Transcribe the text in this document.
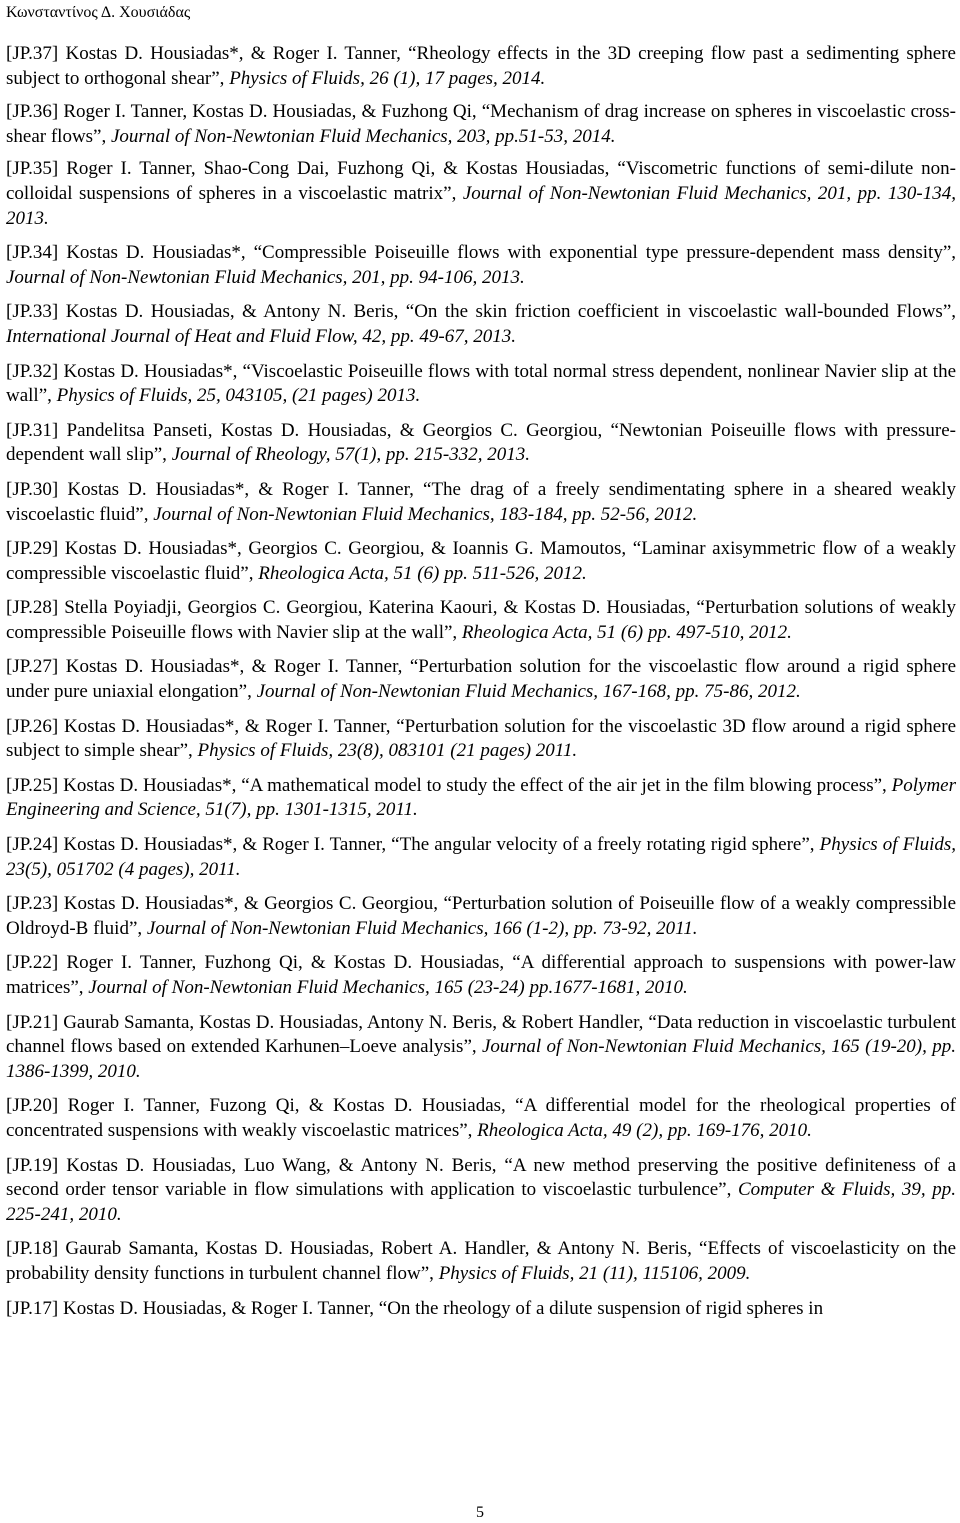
Κωνσταντίνος Δ. Χουσιάδας

[JP.37] Kostas D. Housiadas*, & Roger I. Tanner, “Rheology effects in the 3D creeping flow past a sedimenting sphere subject to orthogonal shear”, Physics of Fluids, 26 (1), 17 pages, 2014.

[JP.36] Roger I. Tanner, Kostas D. Housiadas, & Fuzhong Qi, “Mechanism of drag increase on spheres in viscoelastic cross-shear flows”, Journal of Non-Newtonian Fluid Mechanics, 203, pp.51-53, 2014.

[JP.35] Roger I. Tanner, Shao-Cong Dai, Fuzhong Qi, & Kostas Housiadas, “Viscometric functions of semi-dilute non-colloidal suspensions of spheres in a viscoelastic matrix”, Journal of Non-Newtonian Fluid Mechanics, 201, pp. 130-134, 2013.

[JP.34] Kostas D. Housiadas*, “Compressible Poiseuille flows with exponential type pressure-dependent mass density”, Journal of Non-Newtonian Fluid Mechanics, 201, pp. 94-106, 2013.

[JP.33] Kostas D. Housiadas, & Antony N. Beris, “On the skin friction coefficient in viscoelastic wall-bounded Flows”, International Journal of Heat and Fluid Flow, 42, pp. 49-67, 2013.

[JP.32] Kostas D. Housiadas*, “Viscoelastic Poiseuille flows with total normal stress dependent, nonlinear Navier slip at the wall”, Physics of Fluids, 25, 043105, (21 pages) 2013.

[JP.31] Pandelitsa Panseti, Kostas D. Housiadas, & Georgios C. Georgiou, “Newtonian Poiseuille flows with pressure-dependent wall slip”, Journal of Rheology, 57(1), pp. 215-332, 2013.

[JP.30] Kostas D. Housiadas*, & Roger I. Tanner, “The drag of a freely sendimentating sphere in a sheared weakly viscoelastic fluid”, Journal of Non-Newtonian Fluid Mechanics, 183-184, pp. 52-56, 2012.

[JP.29] Kostas D. Housiadas*, Georgios C. Georgiou, & Ioannis G. Mamoutos, “Laminar axisymmetric flow of a weakly compressible viscoelastic fluid”, Rheologica Acta, 51 (6) pp. 511-526, 2012.

[JP.28] Stella Poyiadji, Georgios C. Georgiou, Katerina Kaouri, & Kostas D. Housiadas, “Perturbation solutions of weakly compressible Poiseuille flows with Navier slip at the wall”, Rheologica Acta, 51 (6) pp. 497-510, 2012.

[JP.27] Kostas D. Housiadas*, & Roger I. Tanner, “Perturbation solution for the viscoelastic flow around a rigid sphere under pure uniaxial elongation”, Journal of Non-Newtonian Fluid Mechanics, 167-168, pp. 75-86, 2012.

[JP.26] Kostas D. Housiadas*, & Roger I. Tanner, “Perturbation solution for the viscoelastic 3D flow around a rigid sphere subject to simple shear”, Physics of Fluids, 23(8), 083101 (21 pages) 2011.

[JP.25] Kostas D. Housiadas*, “A mathematical model to study the effect of the air jet in the film blowing process”, Polymer Engineering and Science, 51(7), pp. 1301-1315, 2011.

[JP.24] Kostas D. Housiadas*, & Roger I. Tanner, “The angular velocity of a freely rotating rigid sphere”, Physics of Fluids, 23(5), 051702 (4 pages), 2011.

[JP.23] Kostas D. Housiadas*, & Georgios C. Georgiou, “Perturbation solution of Poiseuille flow of a weakly compressible Oldroyd-B fluid”, Journal of Non-Newtonian Fluid Mechanics, 166 (1-2), pp. 73-92, 2011.

[JP.22] Roger I. Tanner, Fuzhong Qi, & Kostas D. Housiadas, “A differential approach to suspensions with power-law matrices”, Journal of Non-Newtonian Fluid Mechanics, 165 (23-24) pp.1677-1681, 2010.

[JP.21] Gaurab Samanta, Kostas D. Housiadas, Antony N. Beris, & Robert Handler, “Data reduction in viscoelastic turbulent channel flows based on extended Karhunen–Loeve analysis”, Journal of Non-Newtonian Fluid Mechanics, 165 (19-20), pp. 1386-1399, 2010.

[JP.20] Roger I. Tanner, Fuzong Qi, & Kostas D. Housiadas, “A differential model for the rheological properties of concentrated suspensions with weakly viscoelastic matrices”, Rheologica Acta, 49 (2), pp. 169-176, 2010.

[JP.19] Kostas D. Housiadas, Luo Wang, & Antony N. Beris, “A new method preserving the positive definiteness of a second order tensor variable in flow simulations with application to viscoelastic turbulence”, Computer & Fluids, 39, pp. 225-241, 2010.

[JP.18] Gaurab Samanta, Kostas D. Housiadas, Robert A. Handler, & Antony N. Beris, “Effects of viscoelasticity on the probability density functions in turbulent channel flow”, Physics of Fluids, 21 (11), 115106, 2009.

[JP.17] Kostas D. Housiadas, & Roger I. Tanner, “On the rheology of a dilute suspension of rigid spheres in

5
